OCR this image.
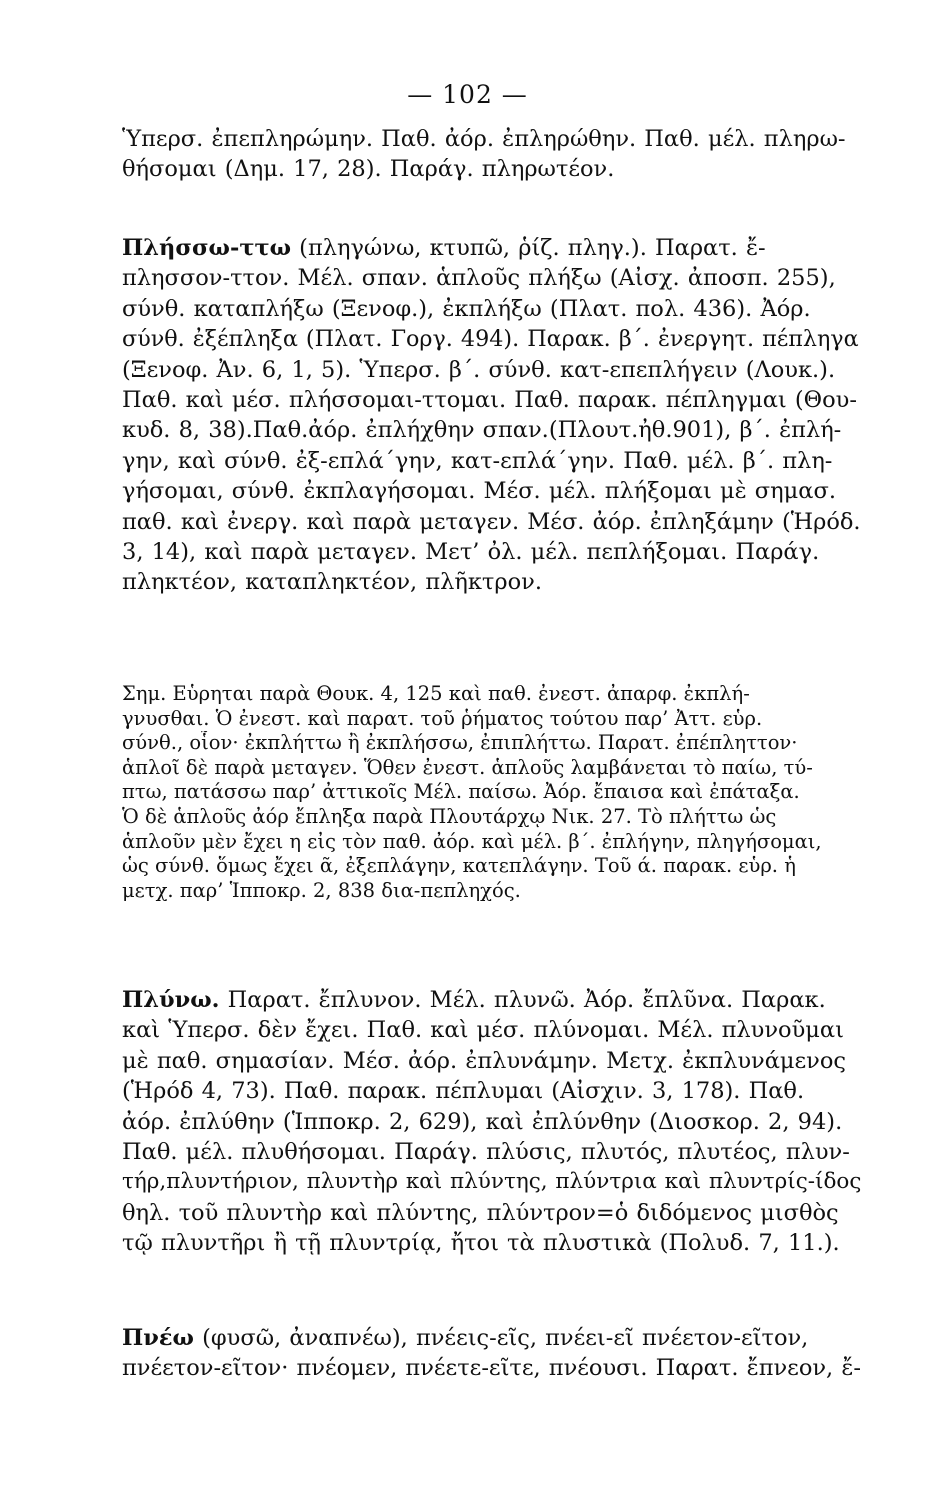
— 102 —
Ὑπερσ. ἐπεπληρώμην. Παθ. ἀόρ. ἐπληρώθην. Παθ. μέλ. πληρω-
θήσομαι (Δημ. 17, 28). Παράγ. πληρωτέον.
Πλήσσω-ττω (πληγώνω, κτυπῶ, ῥίζ. πληγ.). Παρατ. ἔ-
πλησσον-ττον. Μέλ. σπαν. ἁπλοῦς πλήξω (Αἰσχ. ἀποσπ. 255),
σύνθ. καταπλήξω (Ξενοφ.), ἐκπλήξω (Πλατ. πολ. 436). Ἀόρ.
σύνθ. ἐξέπληξα (Πλατ. Γοργ. 494). Παρακ. β΄. ἐνεργητ. πέπληγα
(Ξενοφ. Ἀν. 6, 1, 5). Ὑπερσ. β΄. σύνθ. κατ-επεπλήγειν (Λουκ.).
Παθ. καὶ μέσ. πλήσσομαι-ττομαι. Παθ. παρακ. πέπληγμαι (Θου-
κυδ. 8, 38).Παθ.ἀόρ. ἐπλήχθην σπαν.(Πλουτ.ἠθ.901), β΄. ἐπλή-
γην, καὶ σύνθ. ἐξ-επλά΄γην, κατ-επλά΄γην. Παθ. μέλ. β΄. πλη-
γήσομαι, σύνθ. ἐκπλαγήσομαι. Μέσ. μέλ. πλήξομαι μὲ σημασ.
παθ. καὶ ἐνεργ. καὶ παρὰ μεταγεν. Μέσ. ἀόρ. ἐπληξάμην (Ἡρόδ.
3, 14), καὶ παρὰ μεταγεν. Μετ’ ὀλ. μέλ. πεπλήξομαι. Παράγ.
πληκτέον, καταπληκτέον, πλῆκτρον.
Σημ. Εὑρηται παρὰ Θουκ. 4, 125 καὶ παθ. ἐνεστ. ἀπαρφ. ἐκπλή-
γνυσθαι. Ὁ ἐνεστ. καὶ παρατ. τοῦ ῥήματος τούτου παρ’ Ἀττ. εὑρ.
σύνθ., οἷον· ἐκπλήττω ἢ ἐκπλήσσω, ἐπιπλήττω. Παρατ. ἐπέπληττον·
ἁπλοῖ δὲ παρὰ μεταγεν. Ὅθεν ἐνεστ. ἁπλοῦς λαμβάνεται τὸ παίω, τύ-
πτω, πατάσσω παρ’ ἀττικοῖς Μέλ. παίσω. Ἀόρ. ἔπαισα καὶ ἐπάταξα.
Ὁ δὲ ἁπλοῦς ἀόρ ἔπληξα παρὰ Πλουτάρχῳ Νικ. 27. Τὸ πλήττω ὡς
ἁπλοῦν μὲν ἔχει η εἰς τὸν παθ. ἀόρ. καὶ μέλ. β΄. ἐπλήγην, πληγήσομαι,
ὡς σύνθ. ὅμως ἔχει ᾶ, ἐξεπλάγην, κατεπλάγην. Τοῦ ά. παρακ. εὑρ. ἡ
μετχ. παρ’ Ἱπποκρ. 2, 838 δια-πεπληχός.
Πλύνω. Παρατ. ἔπλυνον. Μέλ. πλυνῶ. Ἀόρ. ἔπλῦνα. Παρακ.
καὶ Ὑπερσ. δὲν ἔχει. Παθ. καὶ μέσ. πλύνομαι. Μέλ. πλυνοῦμαι
μὲ παθ. σημασίαν. Μέσ. ἀόρ. ἐπλυνάμην. Μετχ. ἐκπλυνάμενος
(Ἡρόδ 4, 73). Παθ. παρακ. πέπλυμαι (Αἰσχιν. 3, 178). Παθ.
ἀόρ. ἐπλύθην (Ἱπποκρ. 2, 629), καὶ ἐπλύνθην (Διοσκορ. 2, 94).
Παθ. μέλ. πλυθήσομαι. Παράγ. πλύσις, πλυτός, πλυτέος, πλυν-
τήρ,πλυντήριον, πλυντὴρ καὶ πλύντης, πλύντρια καὶ πλυντρίς-ίδος
θηλ. τοῦ πλυντὴρ καὶ πλύντης, πλύντρον=ὁ διδόμενος μισθὸς
τῷ πλυντῆρι ἢ τῇ πλυντρίᾳ, ἤτοι τὰ πλυστικὰ (Πολυδ. 7, 11.).
Πνέω (φυσῶ, ἀναπνέω), πνέεις-εῖς, πνέει-εῖ πνέετον-εῖτον,
πνέετον-εῖτον· πνέομεν, πνέετε-εῖτε, πνέουσι. Παρατ. ἔπνεον, ἔ-
